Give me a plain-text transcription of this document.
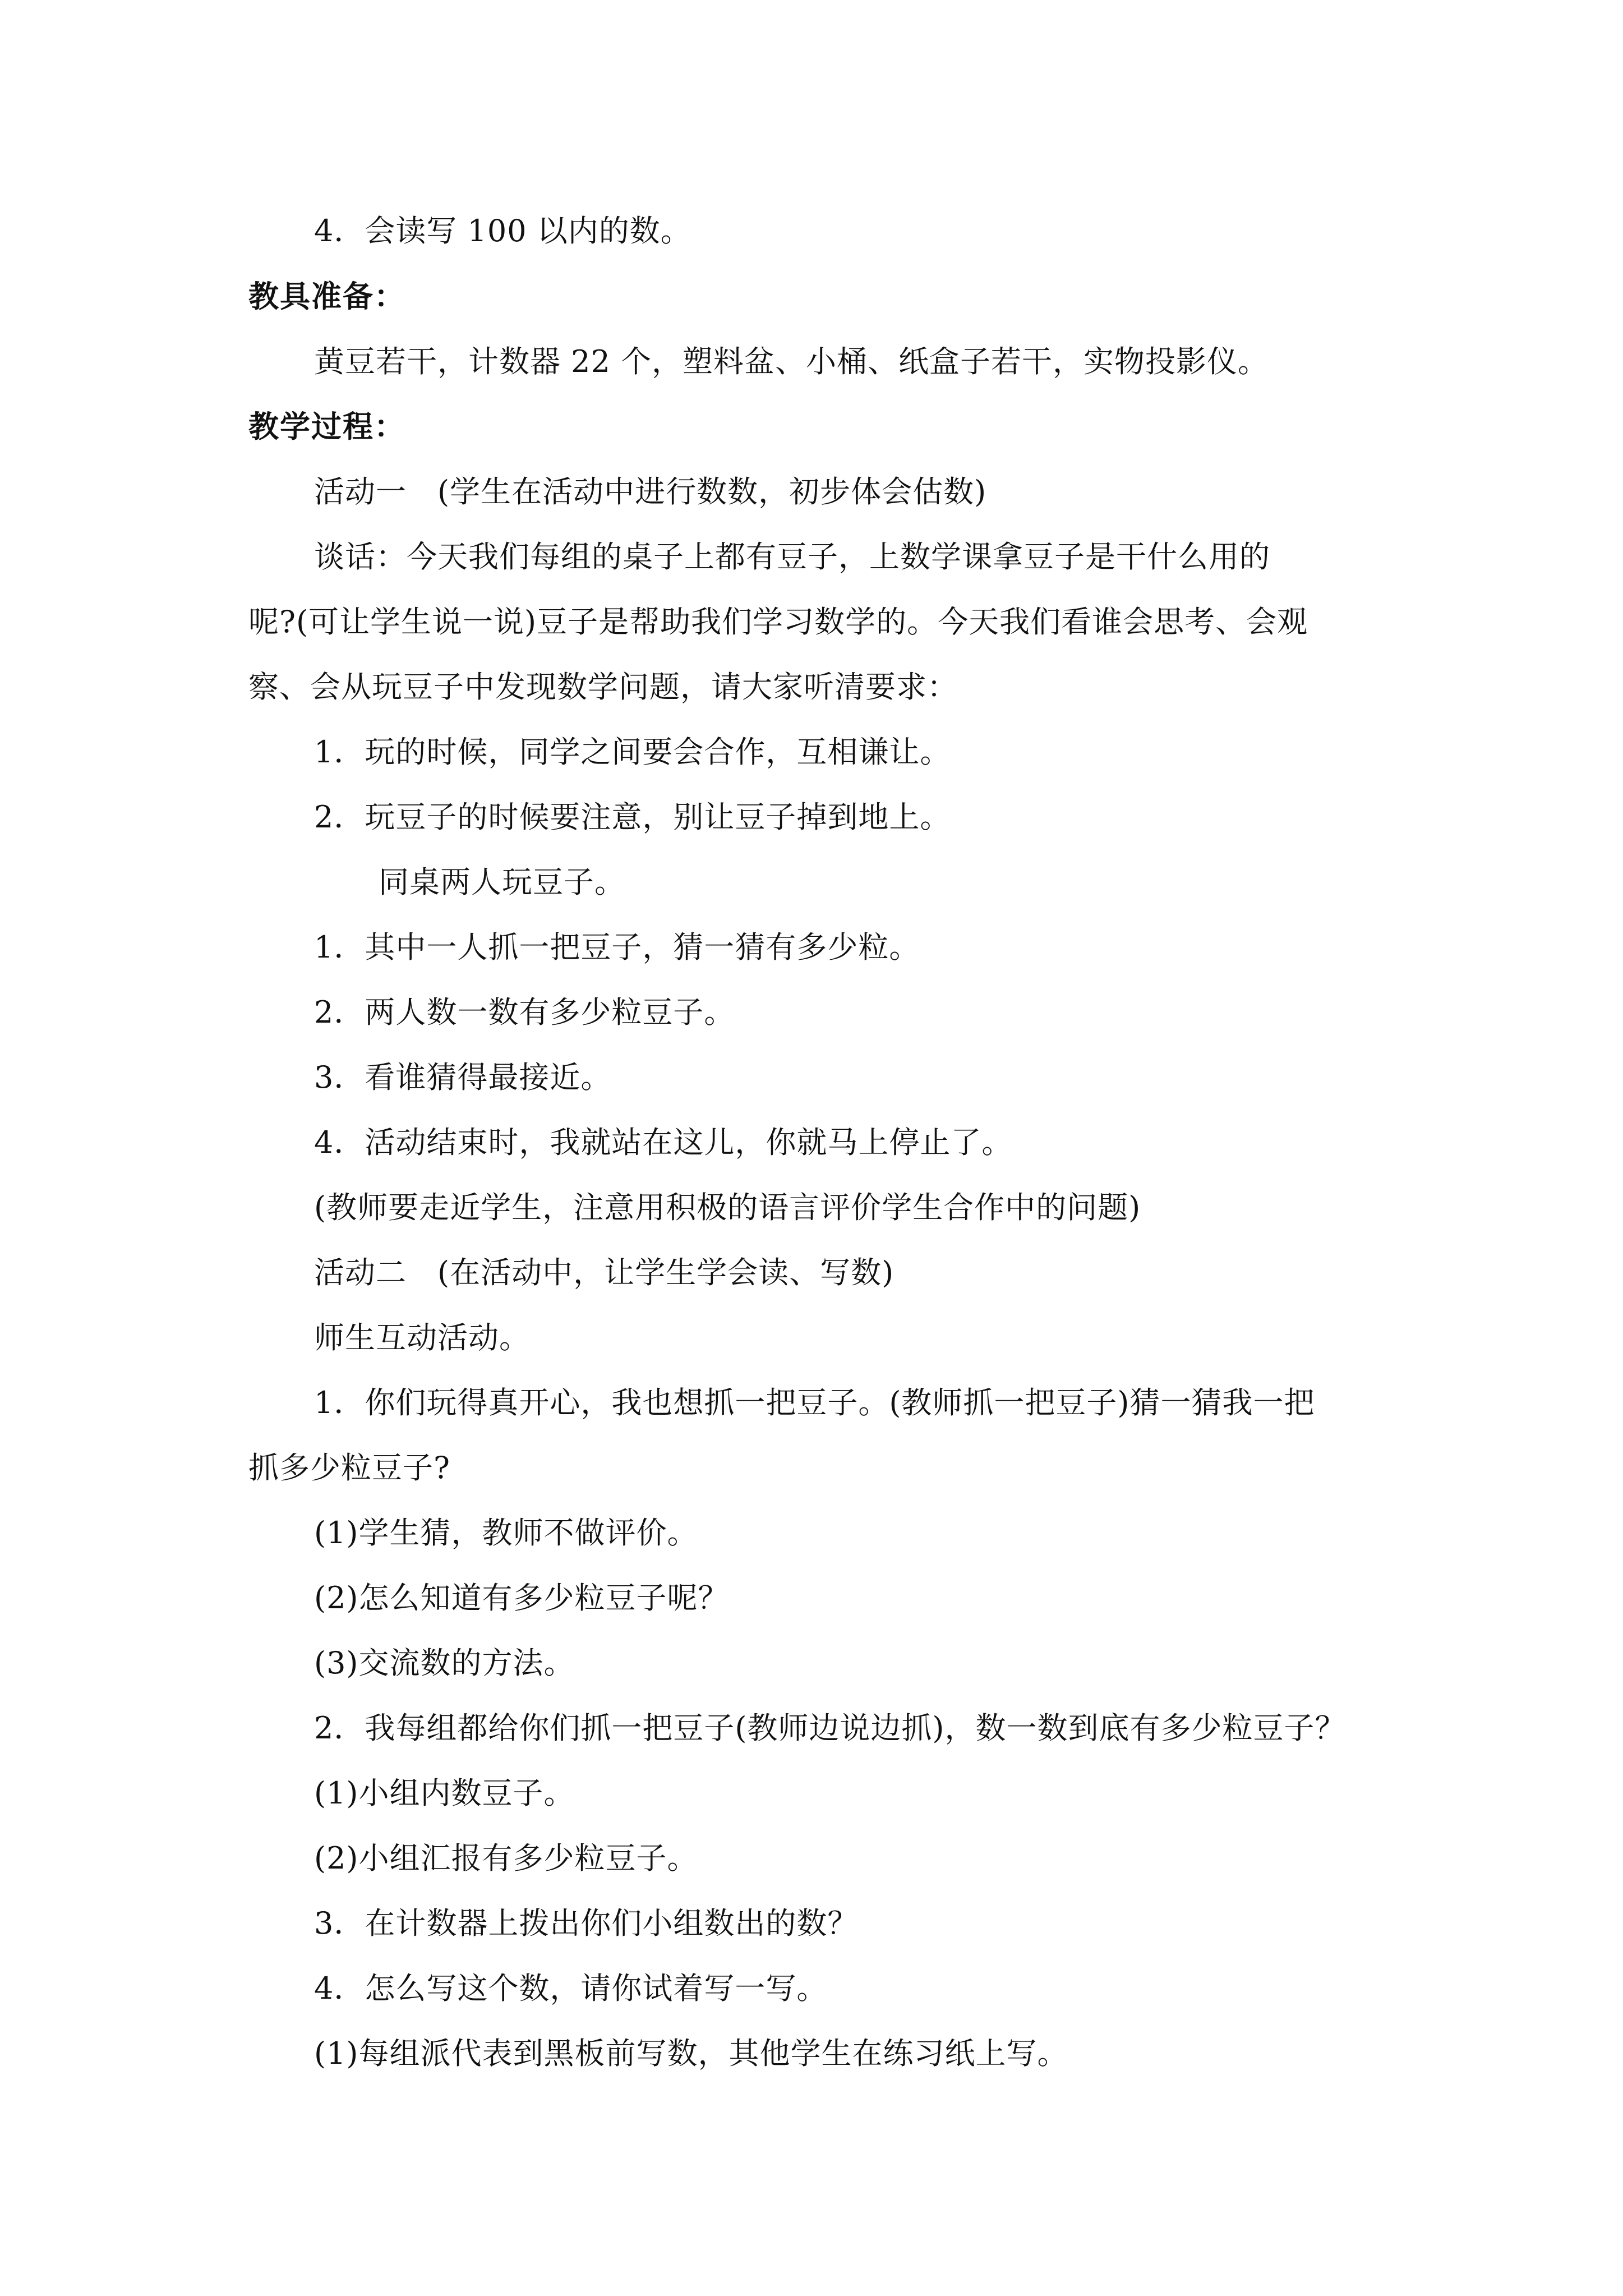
4．会读写 100 以内的数。
教具准备：
黄豆若干，计数器 22 个，塑料盆、小桶、纸盒子若干，实物投影仪。
教学过程：
活动一　(学生在活动中进行数数，初步体会估数)
谈话：今天我们每组的桌子上都有豆子，上数学课拿豆子是干什么用的
呢?(可让学生说一说)豆子是帮助我们学习数学的。今天我们看谁会思考、会观
察、会从玩豆子中发现数学问题，请大家听清要求：
1．玩的时候，同学之间要会合作，互相谦让。
2．玩豆子的时候要注意，别让豆子掉到地上。
同桌两人玩豆子。
1．其中一人抓一把豆子，猜一猜有多少粒。
2．两人数一数有多少粒豆子。
3．看谁猜得最接近。
4．活动结束时，我就站在这儿，你就马上停止了。
(教师要走近学生，注意用积极的语言评价学生合作中的问题)
活动二　(在活动中，让学生学会读、写数)
师生互动活动。
1．你们玩得真开心，我也想抓一把豆子。(教师抓一把豆子)猜一猜我一把
抓多少粒豆子?
(1)学生猜，教师不做评价。
(2)怎么知道有多少粒豆子呢？
(3)交流数的方法。
2．我每组都给你们抓一把豆子(教师边说边抓)，数一数到底有多少粒豆子？
(1)小组内数豆子。
(2)小组汇报有多少粒豆子。
3．在计数器上拨出你们小组数出的数？
4．怎么写这个数，请你试着写一写。
(1)每组派代表到黑板前写数，其他学生在练习纸上写。
